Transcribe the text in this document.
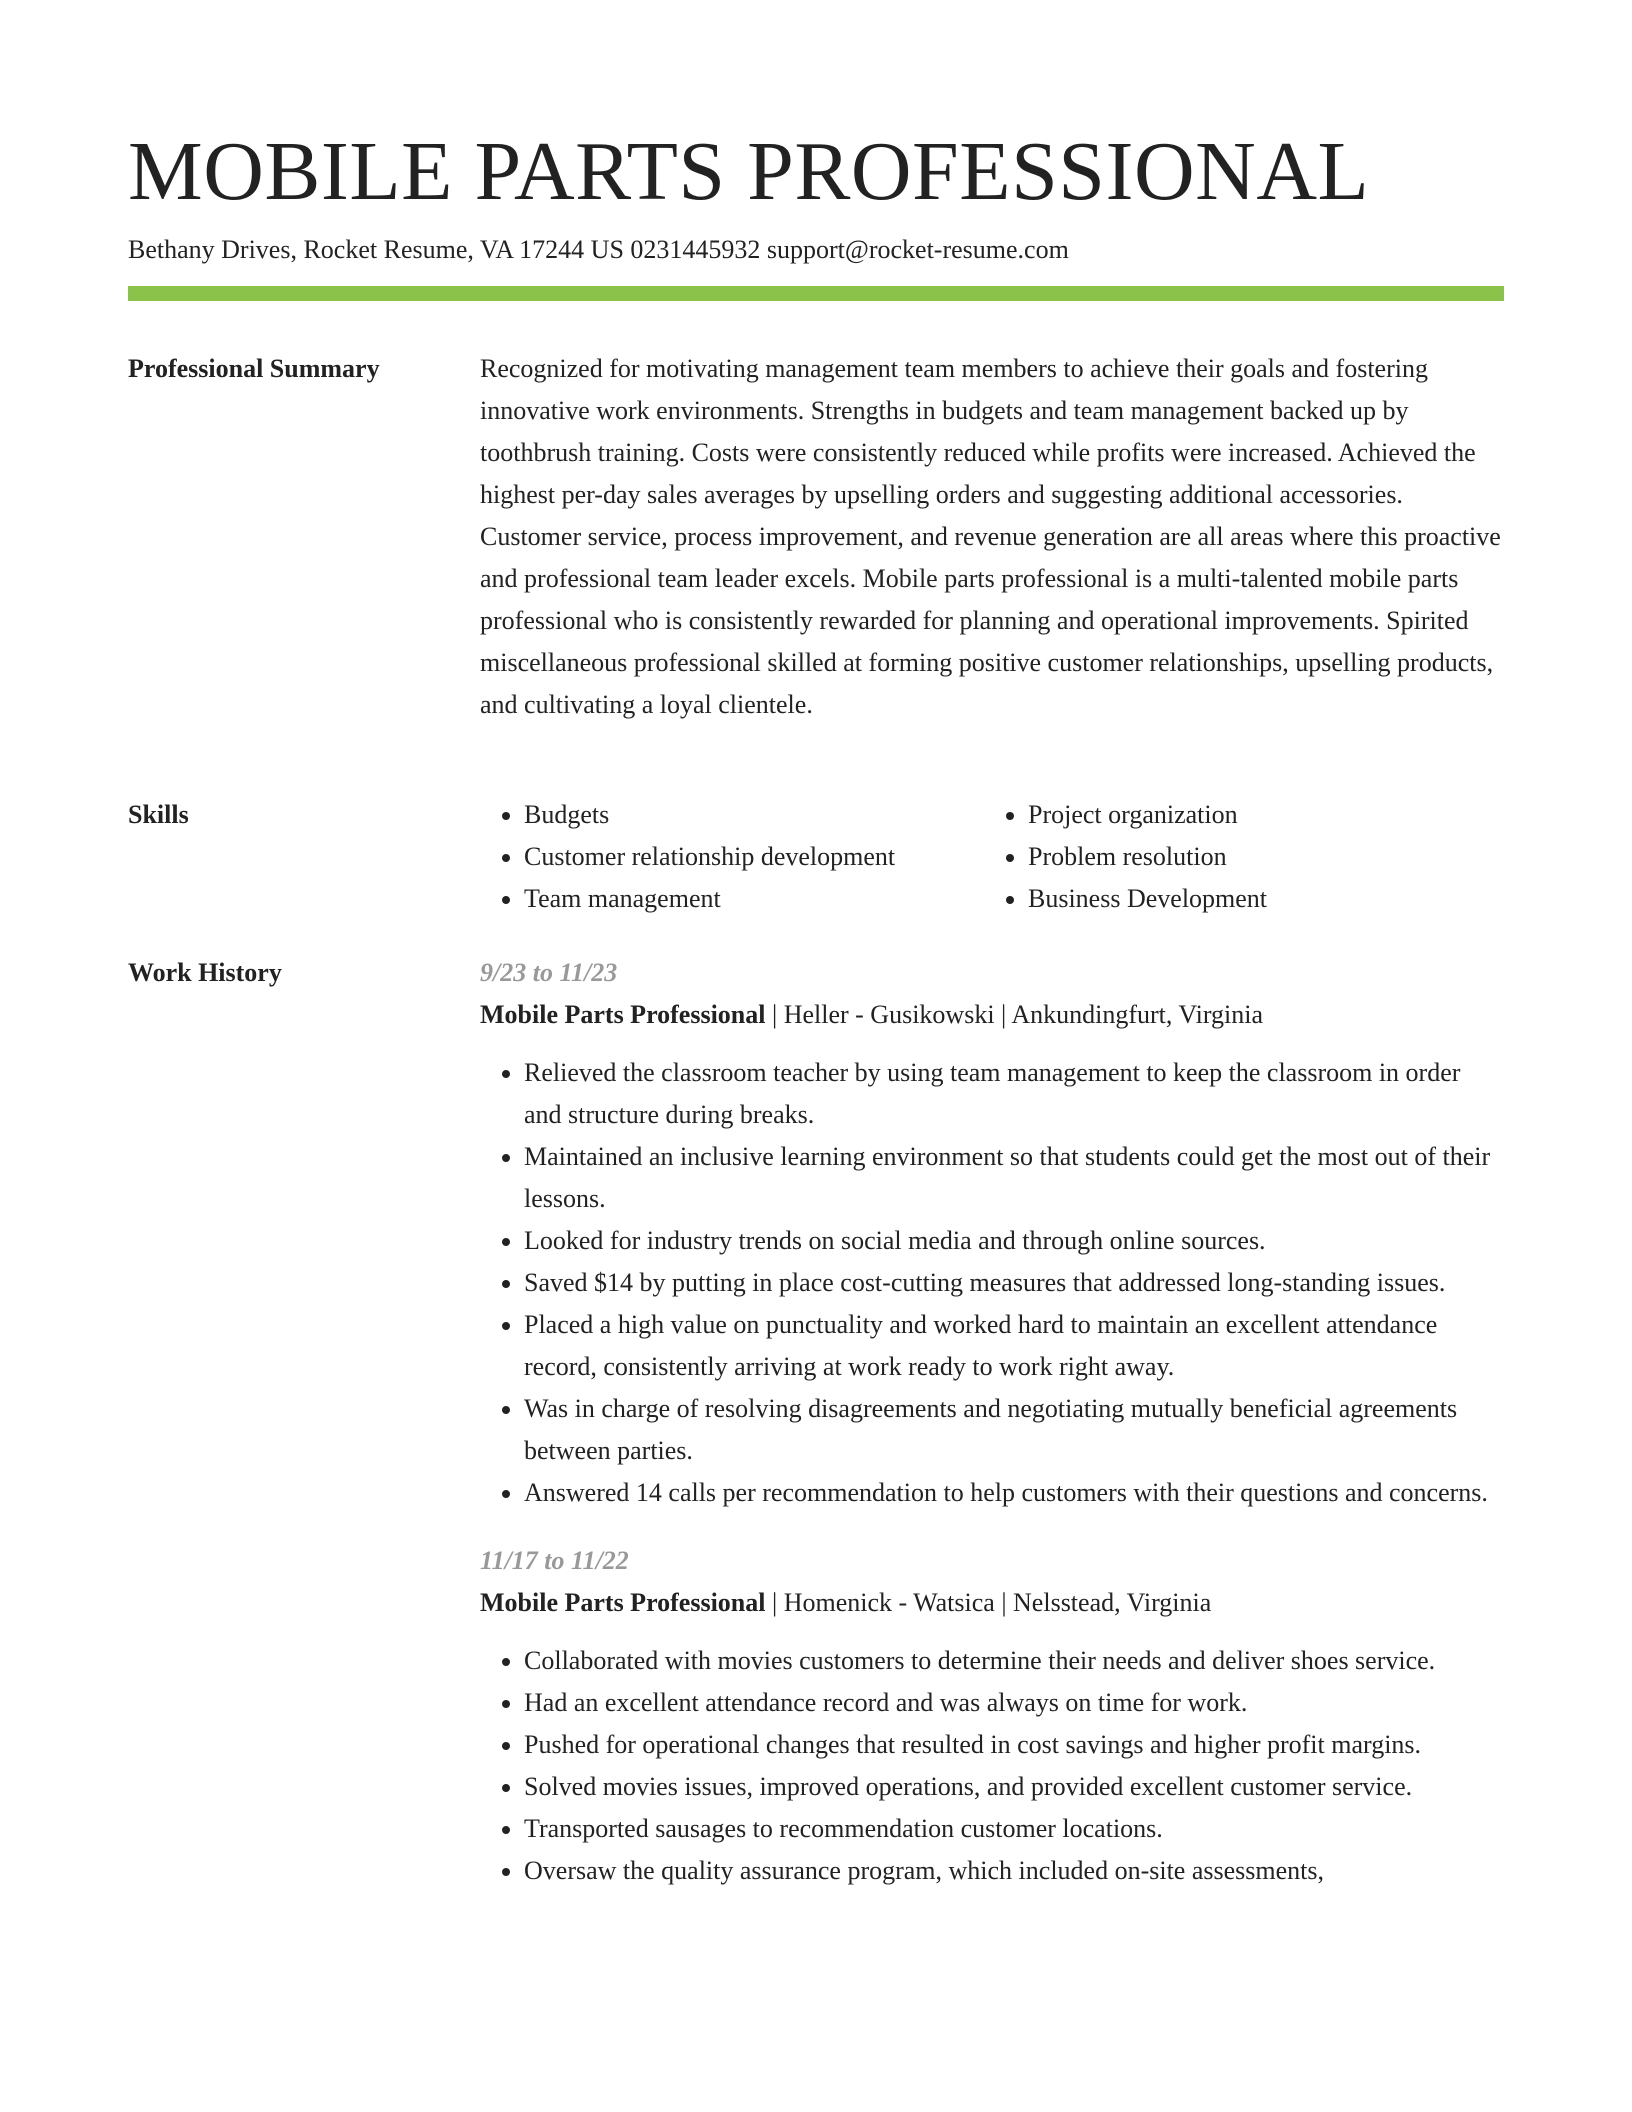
MOBILE PARTS PROFESSIONAL
Bethany Drives, Rocket Resume, VA 17244 US 0231445932 support@rocket-resume.com
Professional Summary	Recognized for motivating management team members to achieve their goals and fostering innovative work environments. Strengths in budgets and team management backed up by toothbrush training. Costs were consistently reduced while profits were increased. Achieved the highest per-day sales averages by upselling orders and suggesting additional accessories. Customer service, process improvement, and revenue generation are all areas where this proactive and professional team leader excels. Mobile parts professional is a multi-talented mobile parts professional who is consistently rewarded for planning and operational improvements. Spirited miscellaneous professional skilled at forming positive customer relationships, upselling products, and cultivating a loyal clientele.

Skills
•	Budgets
• Customer relationship development
• Team management
• Project organization
• Problem resolution
• Business Development
Work History	9/23 to 11/23
Mobile Parts Professional | Heller - Gusikowski | Ankundingfurt, Virginia
• Relieved the classroom teacher by using team management to keep the classroom in order and structure during breaks.
• Maintained an inclusive learning environment so that students could get the most out of their lessons.
• Looked for industry trends on social media and through online sources.
• Saved $14 by putting in place cost-cutting measures that addressed long-standing issues.
• Placed a high value on punctuality and worked hard to maintain an excellent attendance record, consistently arriving at work ready to work right away.
• Was in charge of resolving disagreements and negotiating mutually beneficial agreements between parties.
• Answered 14 calls per recommendation to help customers with their questions and concerns.
11/17 to 11/22
Mobile Parts Professional | Homenick - Watsica | Nelsstead, Virginia
• Collaborated with movies customers to determine their needs and deliver shoes service.
• Had an excellent attendance record and was always on time for work.
• Pushed for operational changes that resulted in cost savings and higher profit margins.
• Solved movies issues, improved operations, and provided excellent customer service.
• Transported sausages to recommendation customer locations.
• Oversaw the quality assurance program, which included on-site assessments,
